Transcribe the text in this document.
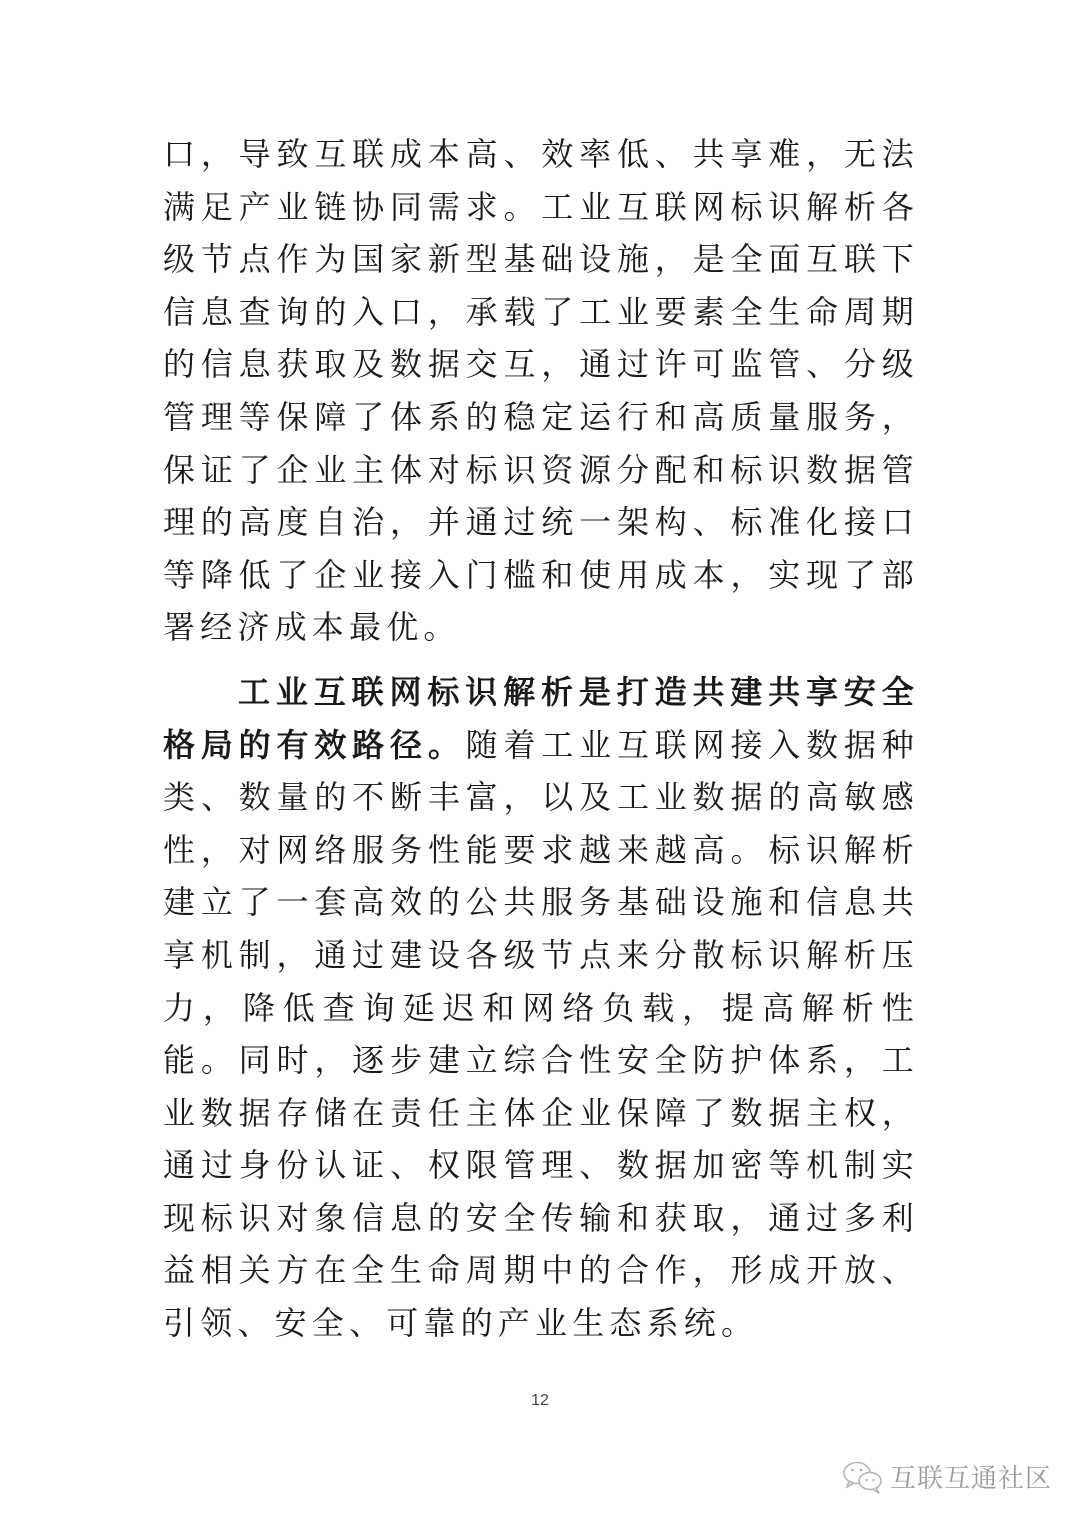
口，导致互联成本高、效率低、共享难，无法满足产业链协同需求。工业互联网标识解析各级节点作为国家新型基础设施，是全面互联下信息查询的入口，承载了工业要素全生命周期的信息获取及数据交互，通过许可监管、分级管理等保障了体系的稳定运行和高质量服务，保证了企业主体对标识资源分配和标识数据管理的高度自治，并通过统一架构、标准化接口等降低了企业接入门槛和使用成本，实现了部署经济成本最优。

工业互联网标识解析是打造共建共享安全格局的有效路径。随着工业互联网接入数据种类、数量的不断丰富，以及工业数据的高敏感性，对网络服务性能要求越来越高。标识解析建立了一套高效的公共服务基础设施和信息共享机制，通过建设各级节点来分散标识解析压力，降低查询延迟和网络负载，提高解析性能。同时，逐步建立综合性安全防护体系，工业数据存储在责任主体企业保障了数据主权，通过身份认证、权限管理、数据加密等机制实现标识对象信息的安全传输和获取，通过多利益相关方在全生命周期中的合作，形成开放、引领、安全、可靠的产业生态系统。

12
互联互通社区
